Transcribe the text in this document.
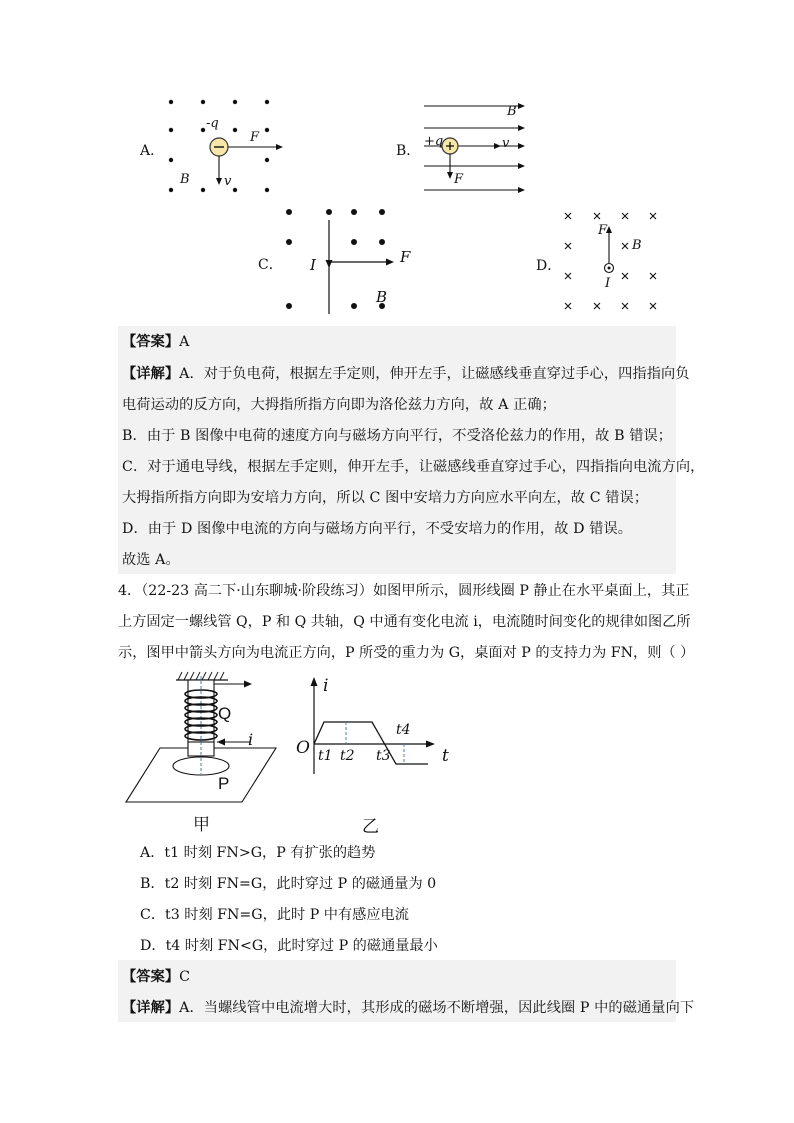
A．
-q
F
B	v
B．
+q
B
v
F
C． I	F
B
D．
F
B
I
【答案】A
【详解】A．对于负电荷，根据左手定则，伸开左手，让磁感线垂直穿过手心，四指指向负
电荷运动的反方向，大拇指所指方向即为洛伦兹力方向，故 A 正确；
B．由于 B 图像中电荷的速度方向与磁场方向平行，不受洛伦兹力的作用，故 B 错误；
C．对于通电导线，根据左手定则，伸开左手，让磁感线垂直穿过手心，四指指向电流方向，
大拇指所指方向即为安培力方向，所以 C 图中安培力方向应水平向左，故 C 错误；
D．由于 D 图像中电流的方向与磁场方向平行，不受安培力的作用，故 D 错误。
故选 A。
4．（22-23 高二下·山东聊城·阶段练习）如图甲所示，圆形线圈 P 静止在水平桌面上，其正
上方固定一螺线管 Q，P 和 Q 共轴，Q 中通有变化电流 i，电流随时间变化的规律如图乙所
示，图甲中箭头方向为电流正方向，P 所受的重力为 G，桌面对 P 的支持力为 FN，则（ ）
Q
i
P
甲
i
t
O t1 t2 t3
t4
乙
A．t1 时刻 FN>G，P 有扩张的趋势
B．t2 时刻 FN=G，此时穿过 P 的磁通量为 0
C．t3 时刻 FN=G，此时 P 中有感应电流
D．t4 时刻 FN<G，此时穿过 P 的磁通量最小
【答案】C
【详解】A．当螺线管中电流增大时，其形成的磁场不断增强，因此线圈 P 中的磁通量向下
